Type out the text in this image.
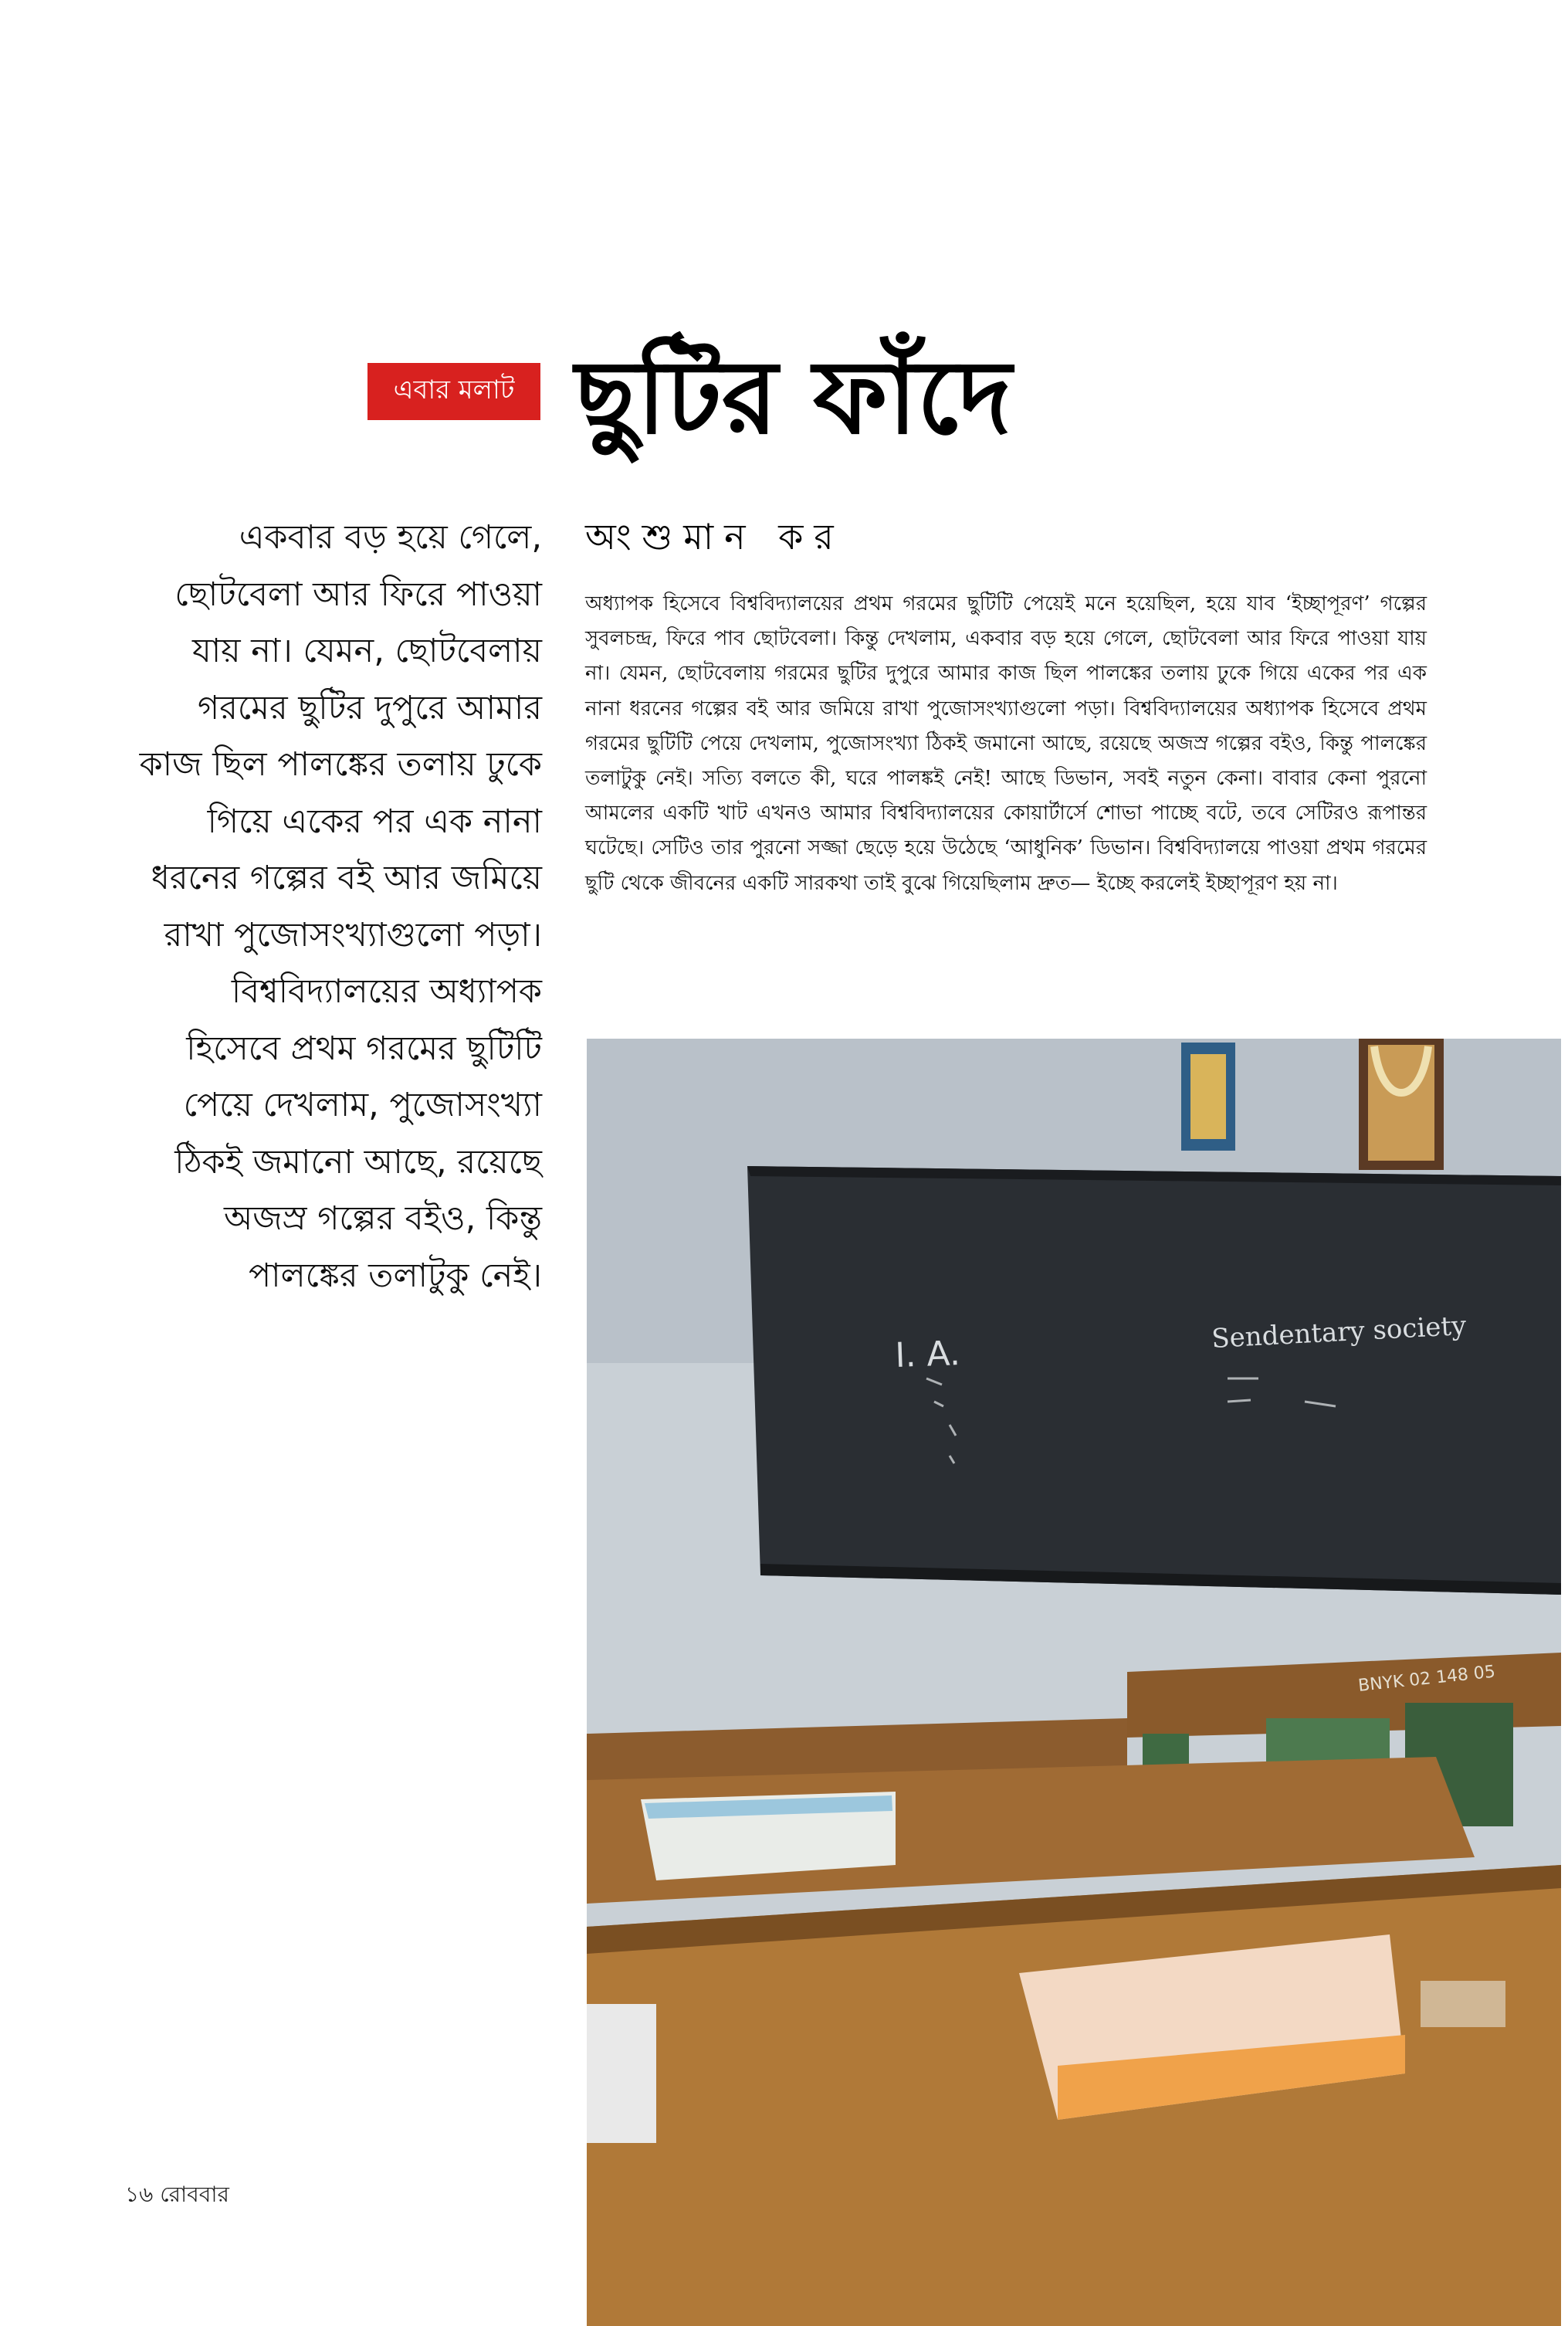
এবার মলাট ছুটির ফাঁদে
একবার বড় হয়ে গেলে, ছোটবেলা আর ফিরে পাওয়া যায় না। যেমন, ছোটবেলায় গরমের ছুটির দুপুরে আমার কাজ ছিল পালঙ্কের তলায় ঢুকে গিয়ে একের পর এক নানা ধরনের গল্পের বই আর জমিয়ে রাখা পুজোসংখ্যাগুলো পড়া। বিশ্ববিদ্যালয়ের অধ্যাপক হিসেবে প্রথম গরমের ছুটিটি পেয়ে দেখলাম, পুজোসংখ্যা ঠিকই জমানো আছে, রয়েছে অজস্র গল্পের বইও, কিন্তু পালঙ্কের তলাটুকু নেই।
অংশুমান কর
অধ্যাপক হিসেবে বিশ্ববিদ্যালয়ের প্রথম গরমের ছুটিটি পেয়েই মনে হয়েছিল, হয়ে যাব ‘ইচ্ছাপূরণ’ গল্পের সুবলচন্দ্র, ফিরে পাব ছোটবেলা। কিন্তু দেখলাম, একবার বড় হয়ে গেলে, ছোটবেলা আর ফিরে পাওয়া যায় না। যেমন, ছোটবেলায় গরমের ছুটির দুপুরে আমার কাজ ছিল পালঙ্কের তলায় ঢুকে গিয়ে একের পর এক নানা ধরনের গল্পের বই আর জমিয়ে রাখা পুজোসংখ্যাগুলো পড়া। বিশ্ববিদ্যালয়ের অধ্যাপক হিসেবে প্রথম গরমের ছুটিটি পেয়ে দেখলাম, পুজোসংখ্যা ঠিকই জমানো আছে, রয়েছে অজস্র গল্পের বইও, কিন্তু পালঙ্কের তলাটুকু নেই। সত্যি বলতে কী, ঘরে পালঙ্কই নেই! আছে ডিভান, সবই নতুন কেনা। বাবার কেনা পুরনো আমলের একটি খাট এখনও আমার বিশ্ববিদ্যালয়ের কোয়ার্টার্সে শোভা পাচ্ছে বটে, তবে সেটিরও রূপান্তর ঘটেছে। সেটিও তার পুরনো সজ্জা ছেড়ে হয়ে উঠেছে ‘আধুনিক’ ডিভান। বিশ্ববিদ্যালয়ে পাওয়া প্রথম গরমের ছুটি থেকে জীবনের একটি সারকথা তাই বুঝে গিয়েছিলাম দ্রুত— ইচ্ছে করলেই ইচ্ছাপূরণ হয় না।
I. A.
Sendentary society
BNYK 02 148 05
১৬ রোববার
